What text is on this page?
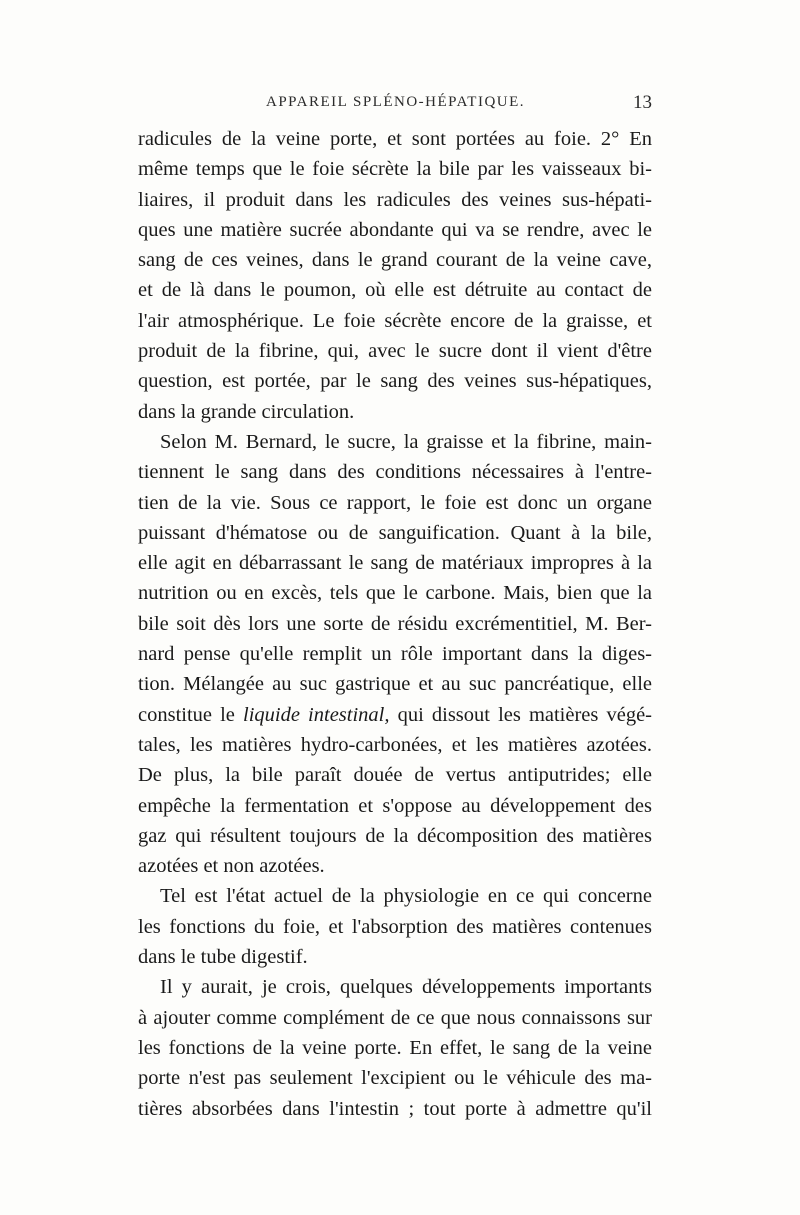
APPAREIL SPLÉNO-HÉPATIQUE.	13
radicules de la veine porte, et sont portées au foie. 2° En
même temps que le foie sécrète la bile par les vaisseaux bi-
liaires, il produit dans les radicules des veines sus-hépati-
ques une matière sucrée abondante qui va se rendre, avec le
sang de ces veines, dans le grand courant de la veine cave,
et de là dans le poumon, où elle est détruite au contact de
l'air atmosphérique. Le foie sécrète encore de la graisse, et
produit de la fibrine, qui, avec le sucre dont il vient d'être
question, est portée, par le sang des veines sus-hépatiques,
dans la grande circulation.
Selon M. Bernard, le sucre, la graisse et la fibrine, main-
tiennent le sang dans des conditions nécessaires à l'entre-
tien de la vie. Sous ce rapport, le foie est donc un organe
puissant d'hématose ou de sanguification. Quant à la bile,
elle agit en débarrassant le sang de matériaux impropres à la
nutrition ou en excès, tels que le carbone. Mais, bien que la
bile soit dès lors une sorte de résidu excrémentitiel, M. Ber-
nard pense qu'elle remplit un rôle important dans la diges-
tion. Mélangée au suc gastrique et au suc pancréatique, elle
constitue le liquide intestinal, qui dissout les matières végé-
tales, les matières hydro-carbonées, et les matières azotées.
De plus, la bile paraît douée de vertus antiputrides; elle
empêche la fermentation et s'oppose au développement des
gaz qui résultent toujours de la décomposition des matières
azotées et non azotées.
Tel est l'état actuel de la physiologie en ce qui concerne
les fonctions du foie, et l'absorption des matières contenues
dans le tube digestif.
Il y aurait, je crois, quelques développements importants
à ajouter comme complément de ce que nous connaissons sur
les fonctions de la veine porte. En effet, le sang de la veine
porte n'est pas seulement l'excipient ou le véhicule des ma-
tières absorbées dans l'intestin ; tout porte à admettre qu'il
